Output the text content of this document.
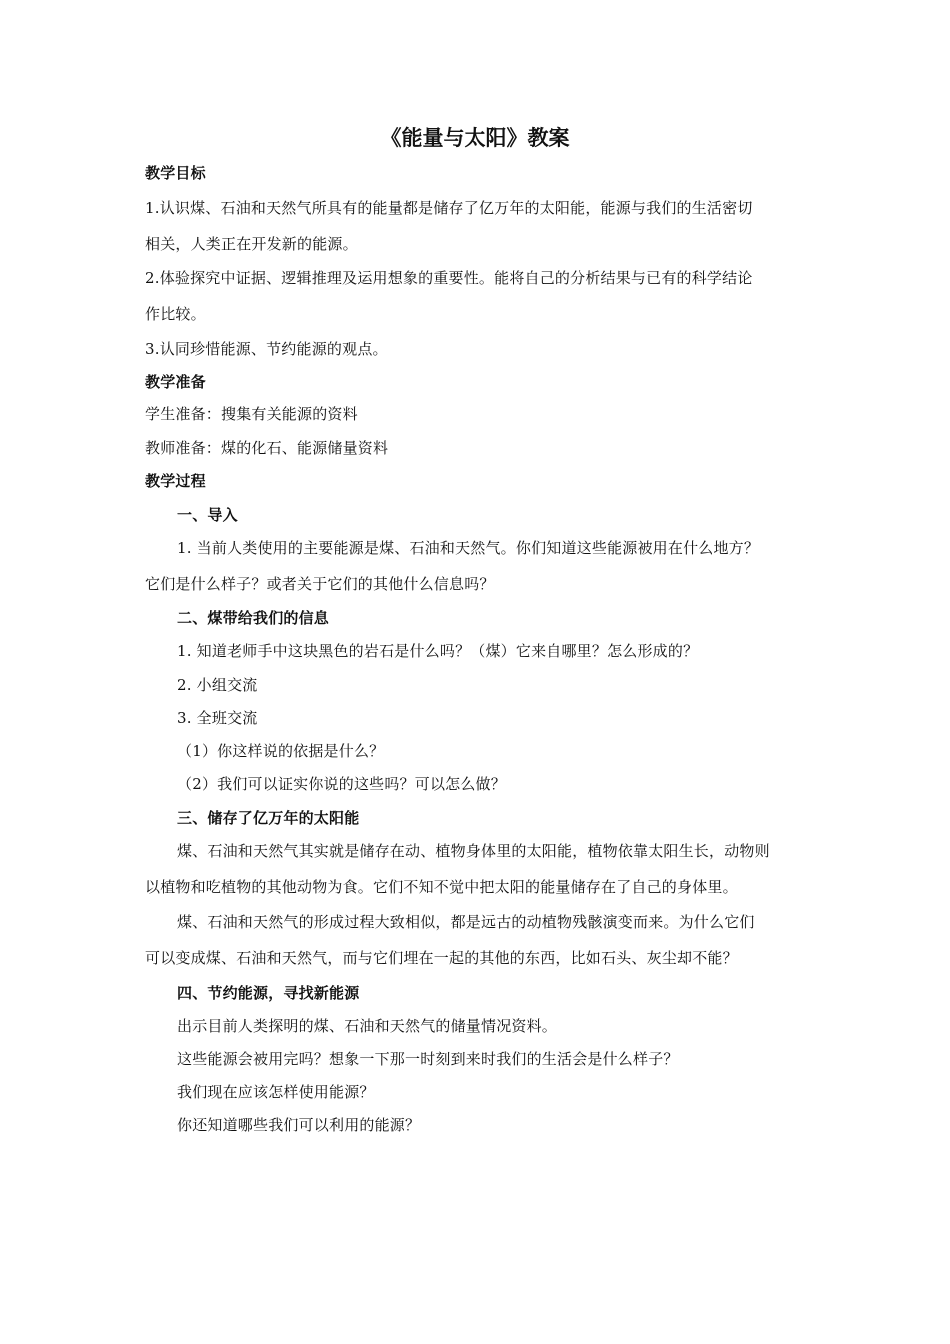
《能量与太阳》教案
教学目标
1.认识煤、石油和天然气所具有的能量都是储存了亿万年的太阳能，能源与我们的生活密切
相关，人类正在开发新的能源。
2.体验探究中证据、逻辑推理及运用想象的重要性。能将自己的分析结果与已有的科学结论
作比较。
3.认同珍惜能源、节约能源的观点。
教学准备
学生准备：搜集有关能源的资料
教师准备：煤的化石、能源储量资料
教学过程
一、导入
1. 当前人类使用的主要能源是煤、石油和天然气。你们知道这些能源被用在什么地方？
它们是什么样子？或者关于它们的其他什么信息吗？
二、煤带给我们的信息
1. 知道老师手中这块黑色的岩石是什么吗？（煤）它来自哪里？怎么形成的？
2. 小组交流
3. 全班交流
（1）你这样说的依据是什么？
（2）我们可以证实你说的这些吗？可以怎么做？
三、储存了亿万年的太阳能
煤、石油和天然气其实就是储存在动、植物身体里的太阳能，植物依靠太阳生长，动物则
以植物和吃植物的其他动物为食。它们不知不觉中把太阳的能量储存在了自己的身体里。
煤、石油和天然气的形成过程大致相似，都是远古的动植物残骸演变而来。为什么它们
可以变成煤、石油和天然气，而与它们埋在一起的其他的东西，比如石头、灰尘却不能？
四、节约能源，寻找新能源
出示目前人类探明的煤、石油和天然气的储量情况资料。
这些能源会被用完吗？想象一下那一时刻到来时我们的生活会是什么样子？
我们现在应该怎样使用能源？
你还知道哪些我们可以利用的能源？
